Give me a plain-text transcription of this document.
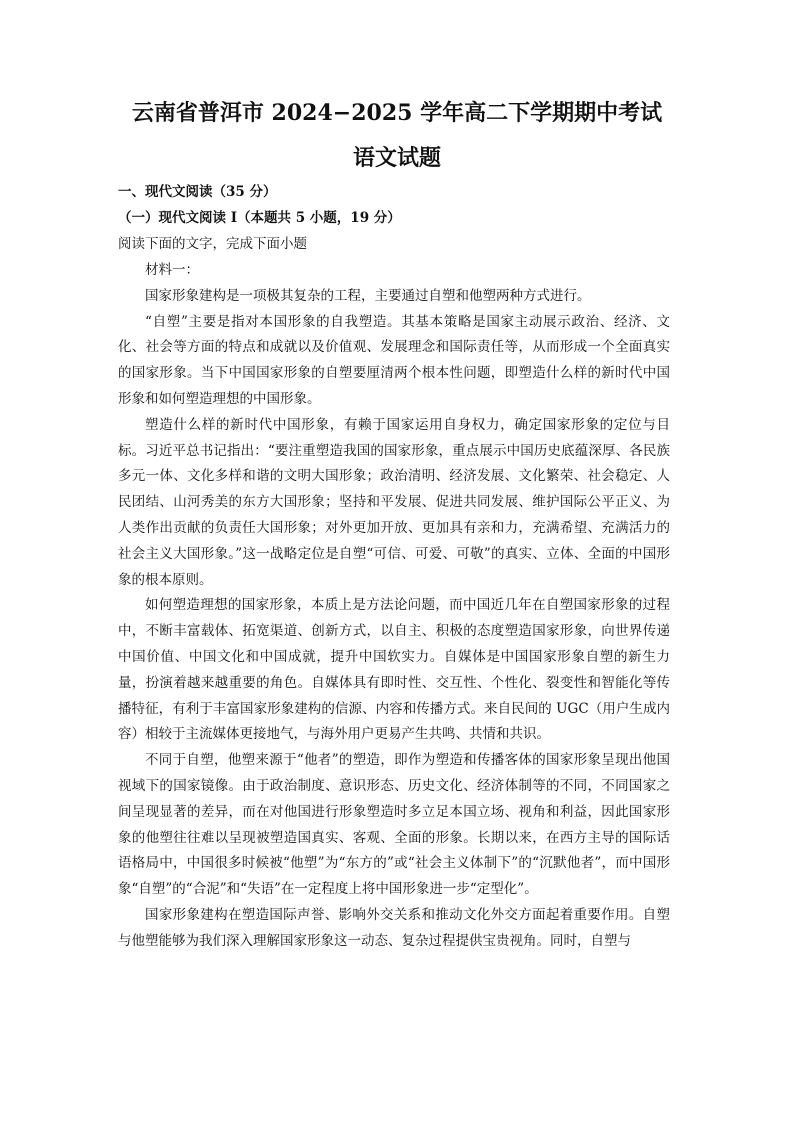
云南省普洱市 2024−2025 学年高二下学期期中考试
语文试题
一、现代文阅读（35 分）
（一）现代文阅读 I（本题共 5 小题，19 分）
阅读下面的文字，完成下面小题

材料一：

国家形象建构是一项极其复杂的工程，主要通过自塑和他塑两种方式进行。

“自塑”主要是指对本国形象的自我塑造。其基本策略是国家主动展示政治、经济、文化、社会等方面的特点和成就以及价值观、发展理念和国际责任等，从而形成一个全面真实的国家形象。当下中国国家形象的自塑要厘清两个根本性问题，即塑造什么样的新时代中国形象和如何塑造理想的中国形象。

塑造什么样的新时代中国形象，有赖于国家运用自身权力，确定国家形象的定位与目标。习近平总书记指出：“要注重塑造我国的国家形象，重点展示中国历史底蕴深厚、各民族多元一体、文化多样和谐的文明大国形象；政治清明、经济发展、文化繁荣、社会稳定、人民团结、山河秀美的东方大国形象；坚持和平发展、促进共同发展、维护国际公平正义、为人类作出贡献的负责任大国形象；对外更加开放、更加具有亲和力，充满希望、充满活力的社会主义大国形象。”这一战略定位是自塑“可信、可爱、可敬”的真实、立体、全面的中国形象的根本原则。

如何塑造理想的国家形象，本质上是方法论问题，而中国近几年在自塑国家形象的过程中，不断丰富载体、拓宽渠道、创新方式，以自主、积极的态度塑造国家形象，向世界传递中国价值、中国文化和中国成就，提升中国软实力。自媒体是中国国家形象自塑的新生力量，扮演着越来越重要的角色。自媒体具有即时性、交互性、个性化、裂变性和智能化等传播特征，有利于丰富国家形象建构的信源、内容和传播方式。来自民间的 UGC（用户生成内容）相较于主流媒体更接地气，与海外用户更易产生共鸣、共情和共识。

不同于自塑，他塑来源于“他者”的塑造，即作为塑造和传播客体的国家形象呈现出他国视域下的国家镜像。由于政治制度、意识形态、历史文化、经济体制等的不同，不同国家之间呈现显著的差异，而在对他国进行形象塑造时多立足本国立场、视角和利益，因此国家形象的他塑往往难以呈现被塑造国真实、客观、全面的形象。长期以来，在西方主导的国际话语格局中，中国很多时候被“他塑”为“东方的”或“社会主义体制下”的“沉默他者”，而中国形象“自塑”的“合泥”和“失语”在一定程度上将中国形象进一步“定型化”。

国家形象建构在塑造国际声誉、影响外交关系和推动文化外交方面起着重要作用。自塑与他塑能够为我们深入理解国家形象这一动态、复杂过程提供宝贵视角。同时，自塑与
